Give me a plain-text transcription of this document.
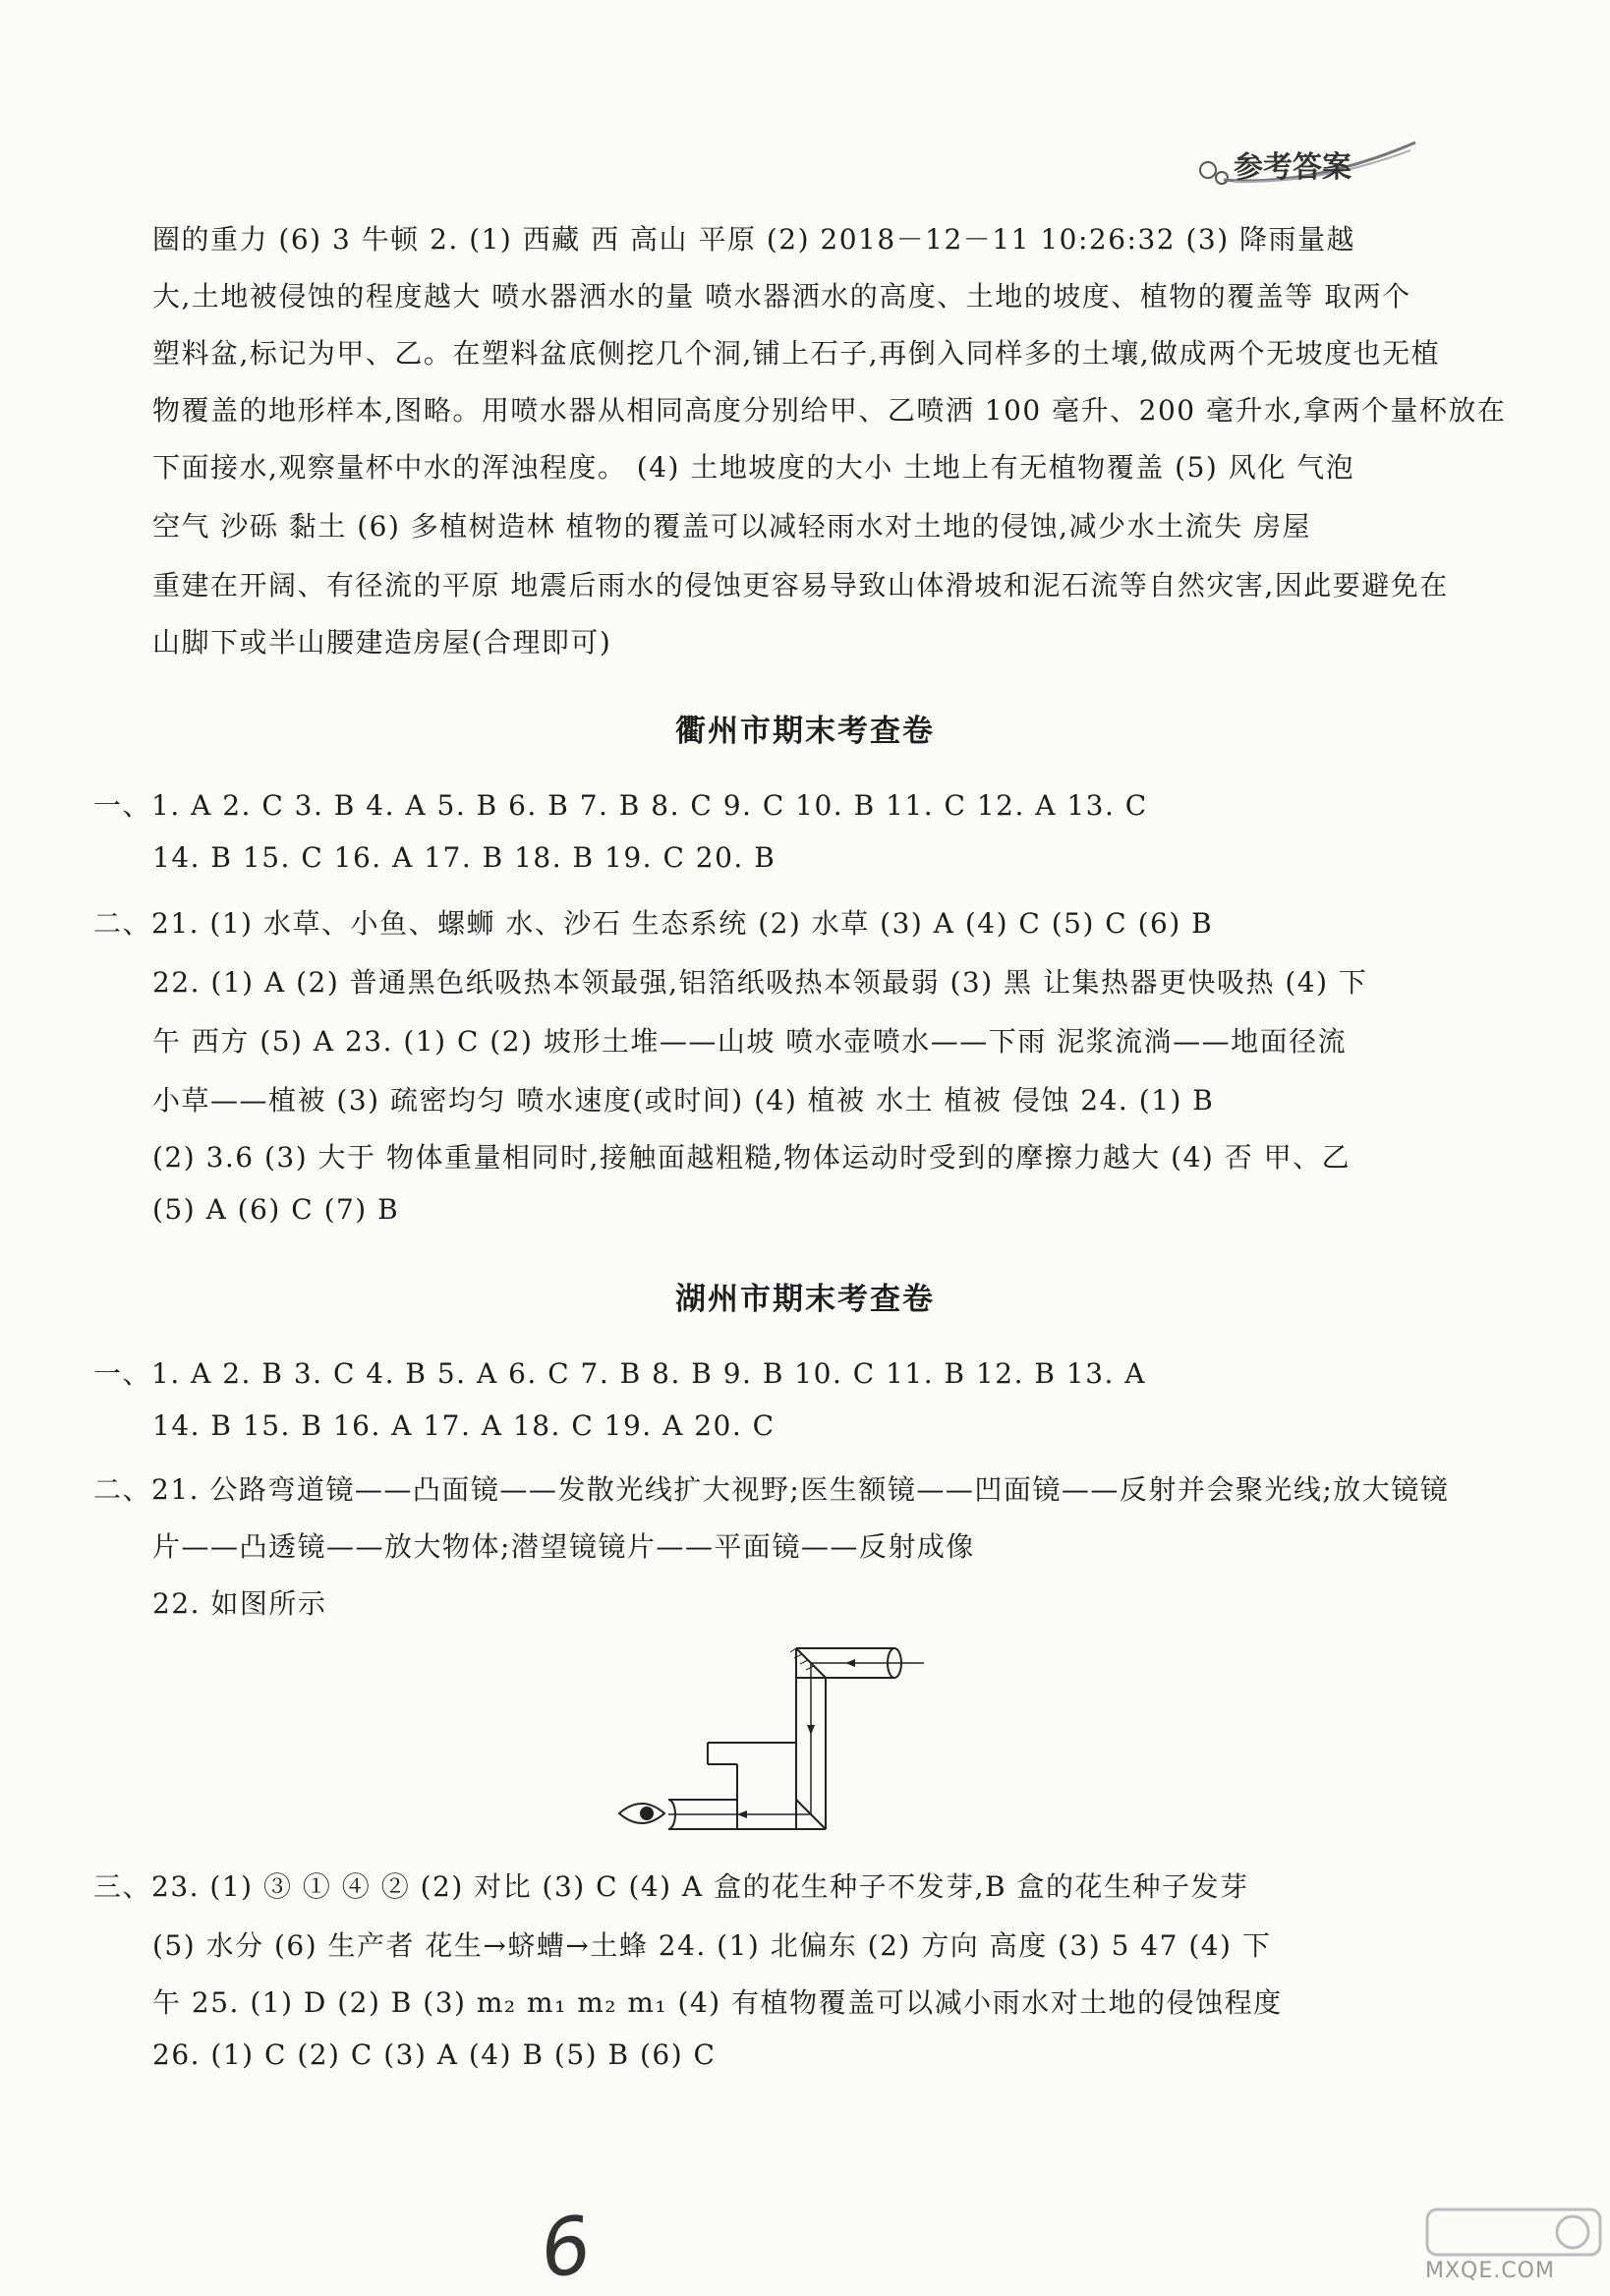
参考答案
圈的重力 (6) 3 牛顿 2. (1) 西藏 西 高山 平原 (2) 2018－12－11 10:26:32 (3) 降雨量越
大,土地被侵蚀的程度越大 喷水器洒水的量 喷水器洒水的高度、土地的坡度、植物的覆盖等 取两个
塑料盆,标记为甲、乙。在塑料盆底侧挖几个洞,铺上石子,再倒入同样多的土壤,做成两个无坡度也无植
物覆盖的地形样本,图略。用喷水器从相同高度分别给甲、乙喷洒 100 毫升、200 毫升水,拿两个量杯放在
下面接水,观察量杯中水的浑浊程度。 (4) 土地坡度的大小 土地上有无植物覆盖 (5) 风化 气泡
空气 沙砾 黏土 (6) 多植树造林 植物的覆盖可以减轻雨水对土地的侵蚀,减少水土流失 房屋
重建在开阔、有径流的平原 地震后雨水的侵蚀更容易导致山体滑坡和泥石流等自然灾害,因此要避免在
山脚下或半山腰建造房屋(合理即可)
衢州市期末考查卷
一、1. A 2. C 3. B 4. A 5. B 6. B 7. B 8. C 9. C 10. B 11. C 12. A 13. C
14. B 15. C 16. A 17. B 18. B 19. C 20. B
二、21. (1) 水草、小鱼、螺蛳 水、沙石 生态系统 (2) 水草 (3) A (4) C (5) C (6) B
22. (1) A (2) 普通黑色纸吸热本领最强,铝箔纸吸热本领最弱 (3) 黑 让集热器更快吸热 (4) 下
午 西方 (5) A 23. (1) C (2) 坡形土堆——山坡 喷水壶喷水——下雨 泥浆流淌——地面径流
小草——植被 (3) 疏密均匀 喷水速度(或时间) (4) 植被 水土 植被 侵蚀 24. (1) B
(2) 3.6 (3) 大于 物体重量相同时,接触面越粗糙,物体运动时受到的摩擦力越大 (4) 否 甲、乙
(5) A (6) C (7) B
湖州市期末考查卷
一、1. A 2. B 3. C 4. B 5. A 6. C 7. B 8. B 9. B 10. C 11. B 12. B 13. A
14. B 15. B 16. A 17. A 18. C 19. A 20. C
二、21. 公路弯道镜——凸面镜——发散光线扩大视野;医生额镜——凹面镜——反射并会聚光线;放大镜镜
片——凸透镜——放大物体;潜望镜镜片——平面镜——反射成像
22. 如图所示
三、23. (1) ③ ① ④ ② (2) 对比 (3) C (4) A 盒的花生种子不发芽,B 盒的花生种子发芽
(5) 水分 (6) 生产者 花生→蛴螬→土蜂 24. (1) 北偏东 (2) 方向 高度 (3) 5 47 (4) 下
午 25. (1) D (2) B (3) m₂ m₁ m₂ m₁ (4) 有植物覆盖可以减小雨水对土地的侵蚀程度
26. (1) C (2) C (3) A (4) B (5) B (6) C
6	MXQE.COM
